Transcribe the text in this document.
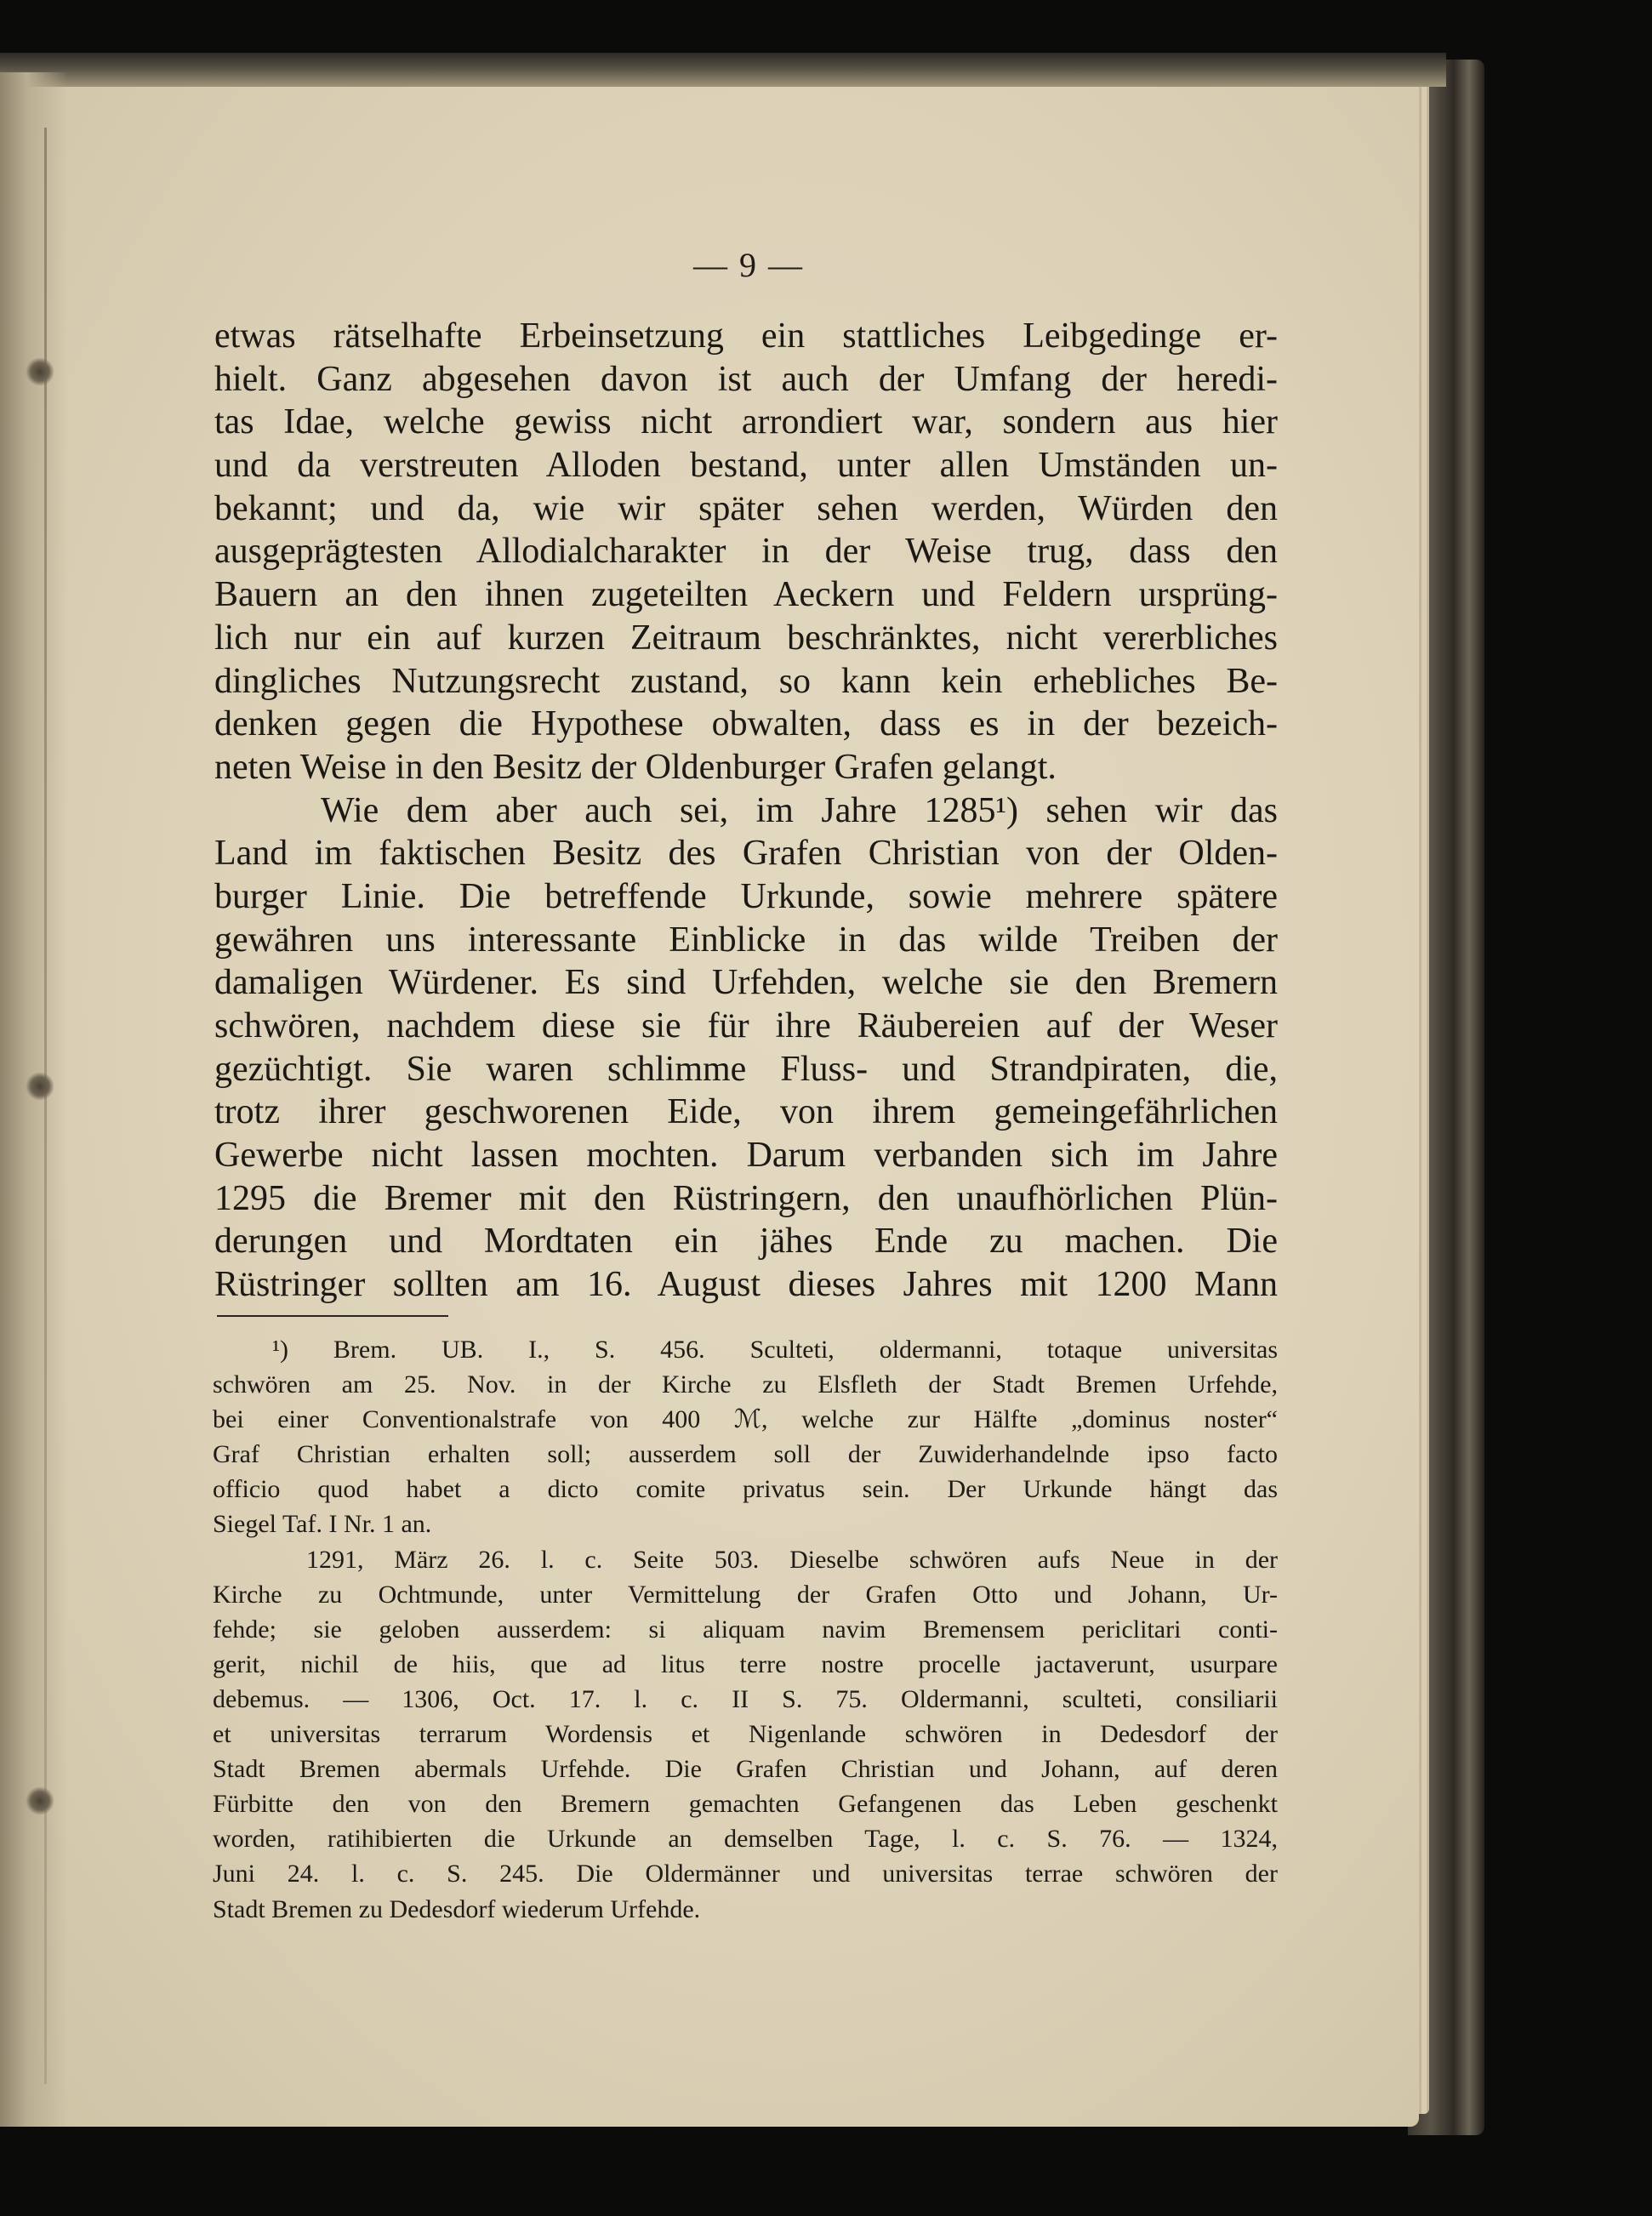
— 9 —
etwas rätselhafte Erbeinsetzung ein stattliches Leibgedinge er-
hielt. Ganz abgesehen davon ist auch der Umfang der heredi-
tas Idae, welche gewiss nicht arrondiert war, sondern aus hier
und da verstreuten Alloden bestand, unter allen Umständen un-
bekannt; und da, wie wir später sehen werden, Würden den
ausgeprägtesten Allodialcharakter in der Weise trug, dass den
Bauern an den ihnen zugeteilten Aeckern und Feldern ursprüng-
lich nur ein auf kurzen Zeitraum beschränktes, nicht vererbliches
dingliches Nutzungsrecht zustand, so kann kein erhebliches Be-
denken gegen die Hypothese obwalten, dass es in der bezeich-
neten Weise in den Besitz der Oldenburger Grafen gelangt.
Wie dem aber auch sei, im Jahre 1285¹) sehen wir das
Land im faktischen Besitz des Grafen Christian von der Olden-
burger Linie. Die betreffende Urkunde, sowie mehrere spätere
gewähren uns interessante Einblicke in das wilde Treiben der
damaligen Würdener. Es sind Urfehden, welche sie den Bremern
schwören, nachdem diese sie für ihre Räubereien auf der Weser
gezüchtigt. Sie waren schlimme Fluss- und Strandpiraten, die,
trotz ihrer geschworenen Eide, von ihrem gemeingefährlichen
Gewerbe nicht lassen mochten. Darum verbanden sich im Jahre
1295 die Bremer mit den Rüstringern, den unaufhörlichen Plün-
derungen und Mordtaten ein jähes Ende zu machen. Die
Rüstringer sollten am 16. August dieses Jahres mit 1200 Mann
¹) Brem. UB. I., S. 456. Sculteti, oldermanni, totaque universitas
schwören am 25. Nov. in der Kirche zu Elsfleth der Stadt Bremen Urfehde,
bei einer Conventionalstrafe von 400 ℳ, welche zur Hälfte „dominus noster“
Graf Christian erhalten soll; ausserdem soll der Zuwiderhandelnde ipso facto
officio quod habet a dicto comite privatus sein. Der Urkunde hängt das
Siegel Taf. I Nr. 1 an.
1291, März 26. l. c. Seite 503. Dieselbe schwören aufs Neue in der
Kirche zu Ochtmunde, unter Vermittelung der Grafen Otto und Johann, Ur-
fehde; sie geloben ausserdem: si aliquam navim Bremensem periclitari conti-
gerit, nichil de hiis, que ad litus terre nostre procelle jactaverunt, usurpare
debemus. — 1306, Oct. 17. l. c. II S. 75. Oldermanni, sculteti, consiliarii
et universitas terrarum Wordensis et Nigenlande schwören in Dedesdorf der
Stadt Bremen abermals Urfehde. Die Grafen Christian und Johann, auf deren
Fürbitte den von den Bremern gemachten Gefangenen das Leben geschenkt
worden, ratihibierten die Urkunde an demselben Tage, l. c. S. 76. — 1324,
Juni 24. l. c. S. 245. Die Oldermänner und universitas terrae schwören der
Stadt Bremen zu Dedesdorf wiederum Urfehde.
